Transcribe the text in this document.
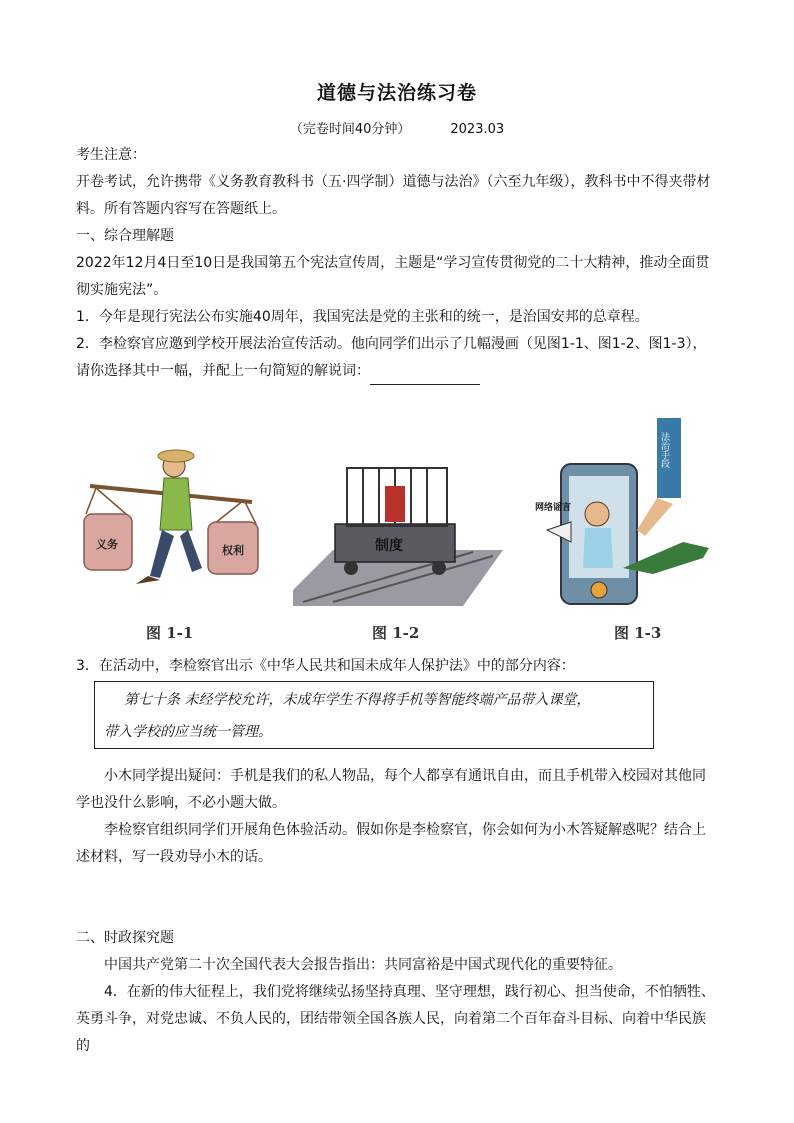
道德与法治练习卷
（完卷时间40分钟）	2023.03

考生注意：

开卷考试，允许携带《义务教育教科书（五·四学制）道德与法治》（六至九年级），教科书中不得夹带材料。所有答题内容写在答题纸上。

一、综合理解题

2022年12月4日至10日是我国第五个宪法宣传周，主题是“学习宣传贯彻党的二十大精神，推动全面贯彻实施宪法”。

1．今年是现行宪法公布实施40周年，我国宪法是党的主张和的统一，是治国安邦的总章程。

2．李检察官应邀到学校开展法治宣传活动。他向同学们出示了几幅漫画（见图1-1、图1-2、图1-3），请你选择其中一幅，并配上一句简短的解说词：

义务	权利
图 1-1
制度
图 1-2
法治手段
网络谣言
图 1-3

3．在活动中，李检察官出示《中华人民共和国未成年人保护法》中的部分内容：

第七十条 未经学校允许，未成年学生不得将手机等智能终端产品带入课堂，

带入学校的应当统一管理。

小木同学提出疑问：手机是我们的私人物品，每个人都享有通讯自由，而且手机带入校园对其他同学也没什么影响，不必小题大做。

李检察官组织同学们开展角色体验活动。假如你是李检察官，你会如何为小木答疑解惑呢？结合上述材料，写一段劝导小木的话。

二、时政探究题

中国共产党第二十次全国代表大会报告指出：共同富裕是中国式现代化的重要特征。

4．在新的伟大征程上，我们党将继续弘扬坚持真理、坚守理想，践行初心、担当使命，不怕牺牲、英勇斗争，对党忠诚、不负人民的，团结带领全国各族人民，向着第二个百年奋斗目标、向着中华民族的
